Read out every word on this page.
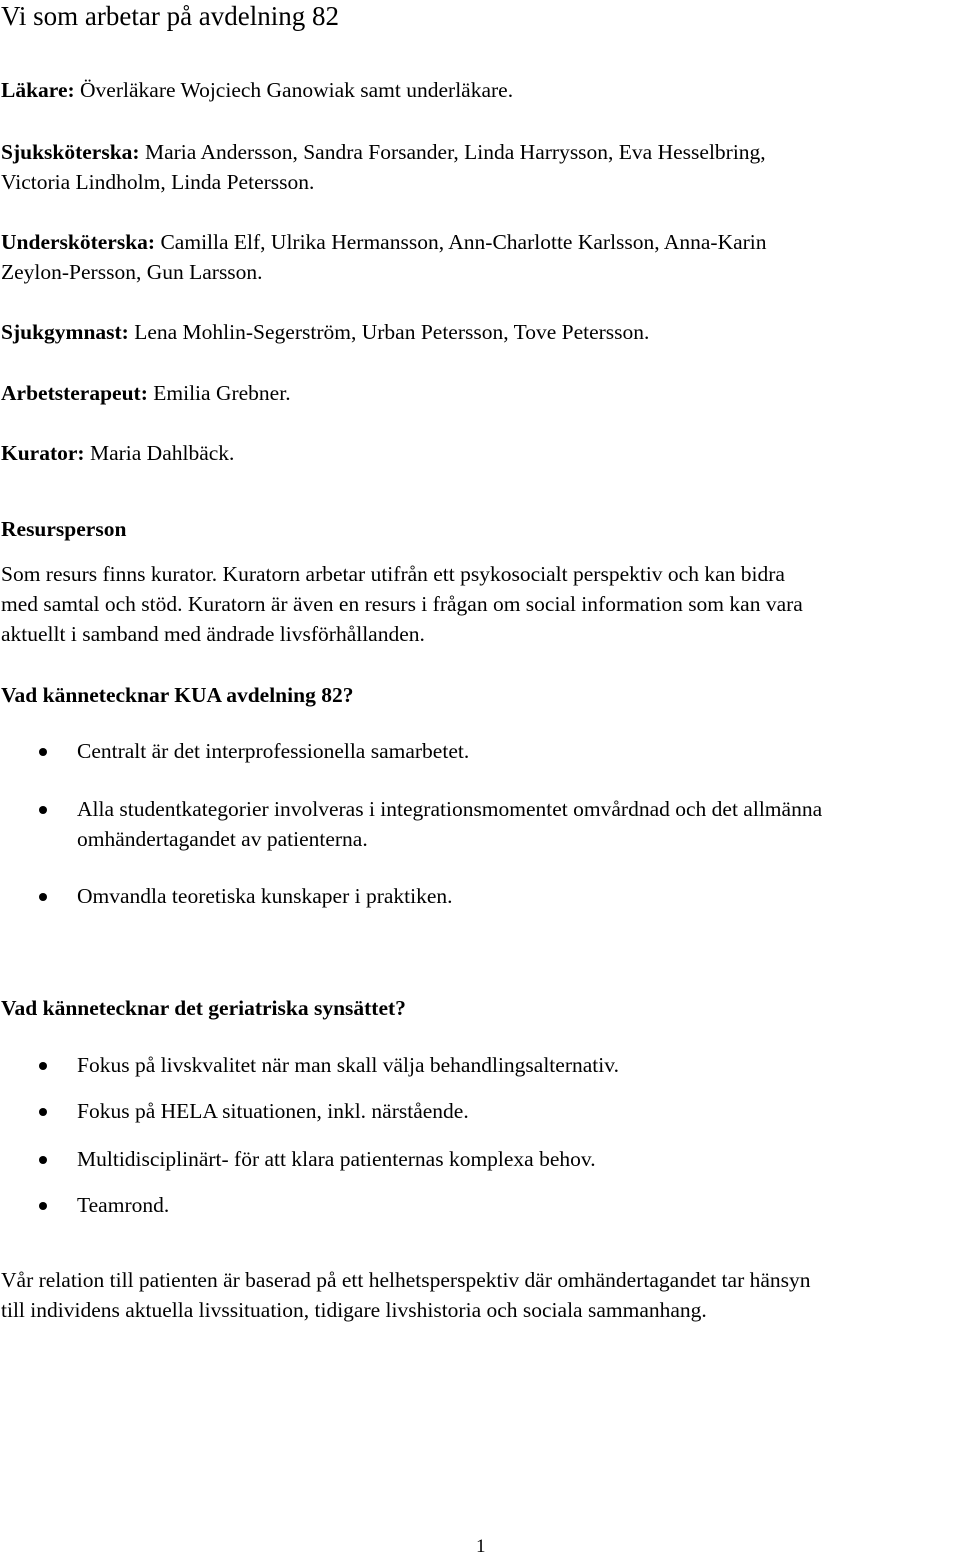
Vi som arbetar på avdelning 82
Läkare: Överläkare Wojciech Ganowiak samt underläkare.
Sjuksköterska: Maria Andersson, Sandra Forsander, Linda Harrysson, Eva Hesselbring,
Victoria Lindholm, Linda Petersson.
Undersköterska: Camilla Elf, Ulrika Hermansson, Ann-Charlotte Karlsson, Anna-Karin
Zeylon-Persson, Gun Larsson.
Sjukgymnast: Lena Mohlin-Segerström, Urban Petersson, Tove Petersson.
Arbetsterapeut: Emilia Grebner.
Kurator: Maria Dahlbäck.
Resursperson
Som resurs finns kurator. Kuratorn arbetar utifrån ett psykosocialt perspektiv och kan bidra
med samtal och stöd. Kuratorn är även en resurs i frågan om social information som kan vara
aktuellt i samband med ändrade livsförhållanden.
Vad kännetecknar KUA avdelning 82?
Centralt är det interprofessionella samarbetet.
Alla studentkategorier involveras i integrationsmomentet omvårdnad och det allmänna
omhändertagandet av patienterna.
Omvandla teoretiska kunskaper i praktiken.
Vad kännetecknar det geriatriska synsättet?
Fokus på livskvalitet när man skall välja behandlingsalternativ.
Fokus på HELA situationen, inkl. närstående.
Multidisciplinärt- för att klara patienternas komplexa behov.
Teamrond.
Vår relation till patienten är baserad på ett helhetsperspektiv där omhändertagandet tar hänsyn
till individens aktuella livssituation, tidigare livshistoria och sociala sammanhang.
1
